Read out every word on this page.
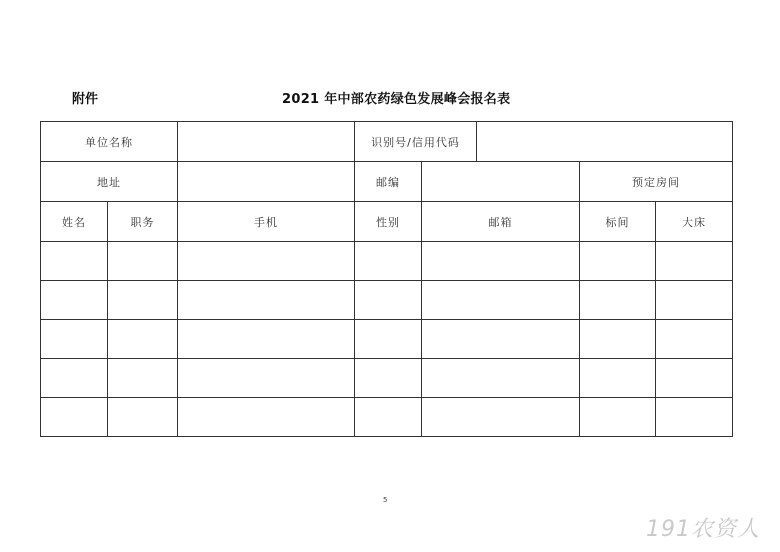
附件	2021 年中部农药绿色发展峰会报名表
单位名称			识别号/信用代码				
地址			邮编			预定房间	
姓名	职务	手机	性别	邮箱		标间	大床

5
191农资人
